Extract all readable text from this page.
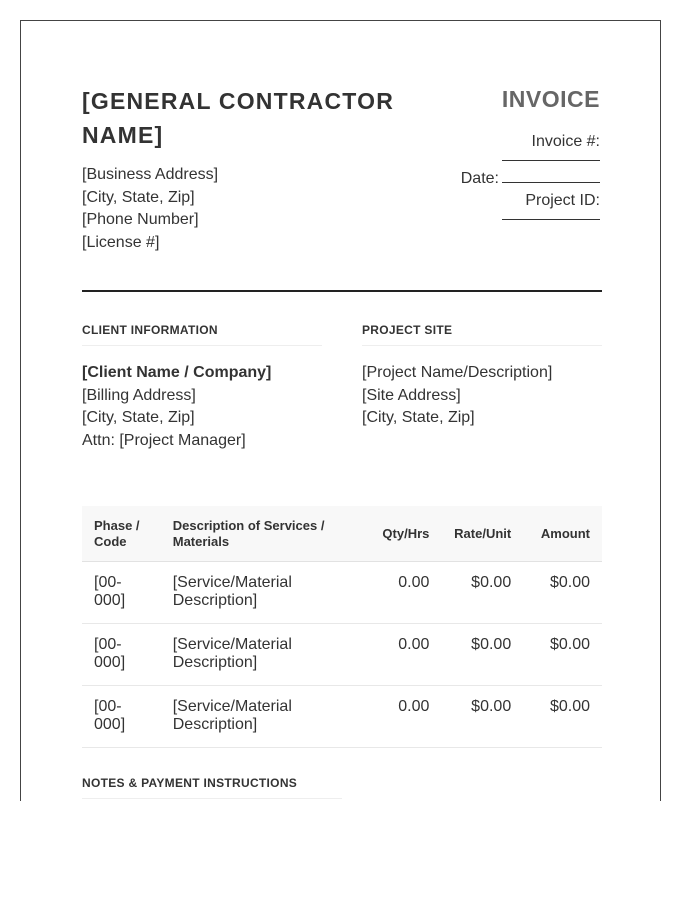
[GENERAL CONTRACTOR NAME]
[Business Address]
[City, State, Zip]
[Phone Number]
[License #]
INVOICE
Invoice #:
Date:
Project ID:
CLIENT INFORMATION
[Client Name / Company]
[Billing Address]
[City, State, Zip]
Attn: [Project Manager]
PROJECT SITE
[Project Name/Description]
[Site Address]
[City, State, Zip]
Phase / Code	Description of Services / Materials	Qty/Hrs	Rate/Unit	Amount
[00-000]	[Service/Material Description]	0.00	$0.00	$0.00
[00-000]	[Service/Material Description]	0.00	$0.00	$0.00
[00-000]	[Service/Material Description]	0.00	$0.00	$0.00
NOTES & PAYMENT INSTRUCTIONS
